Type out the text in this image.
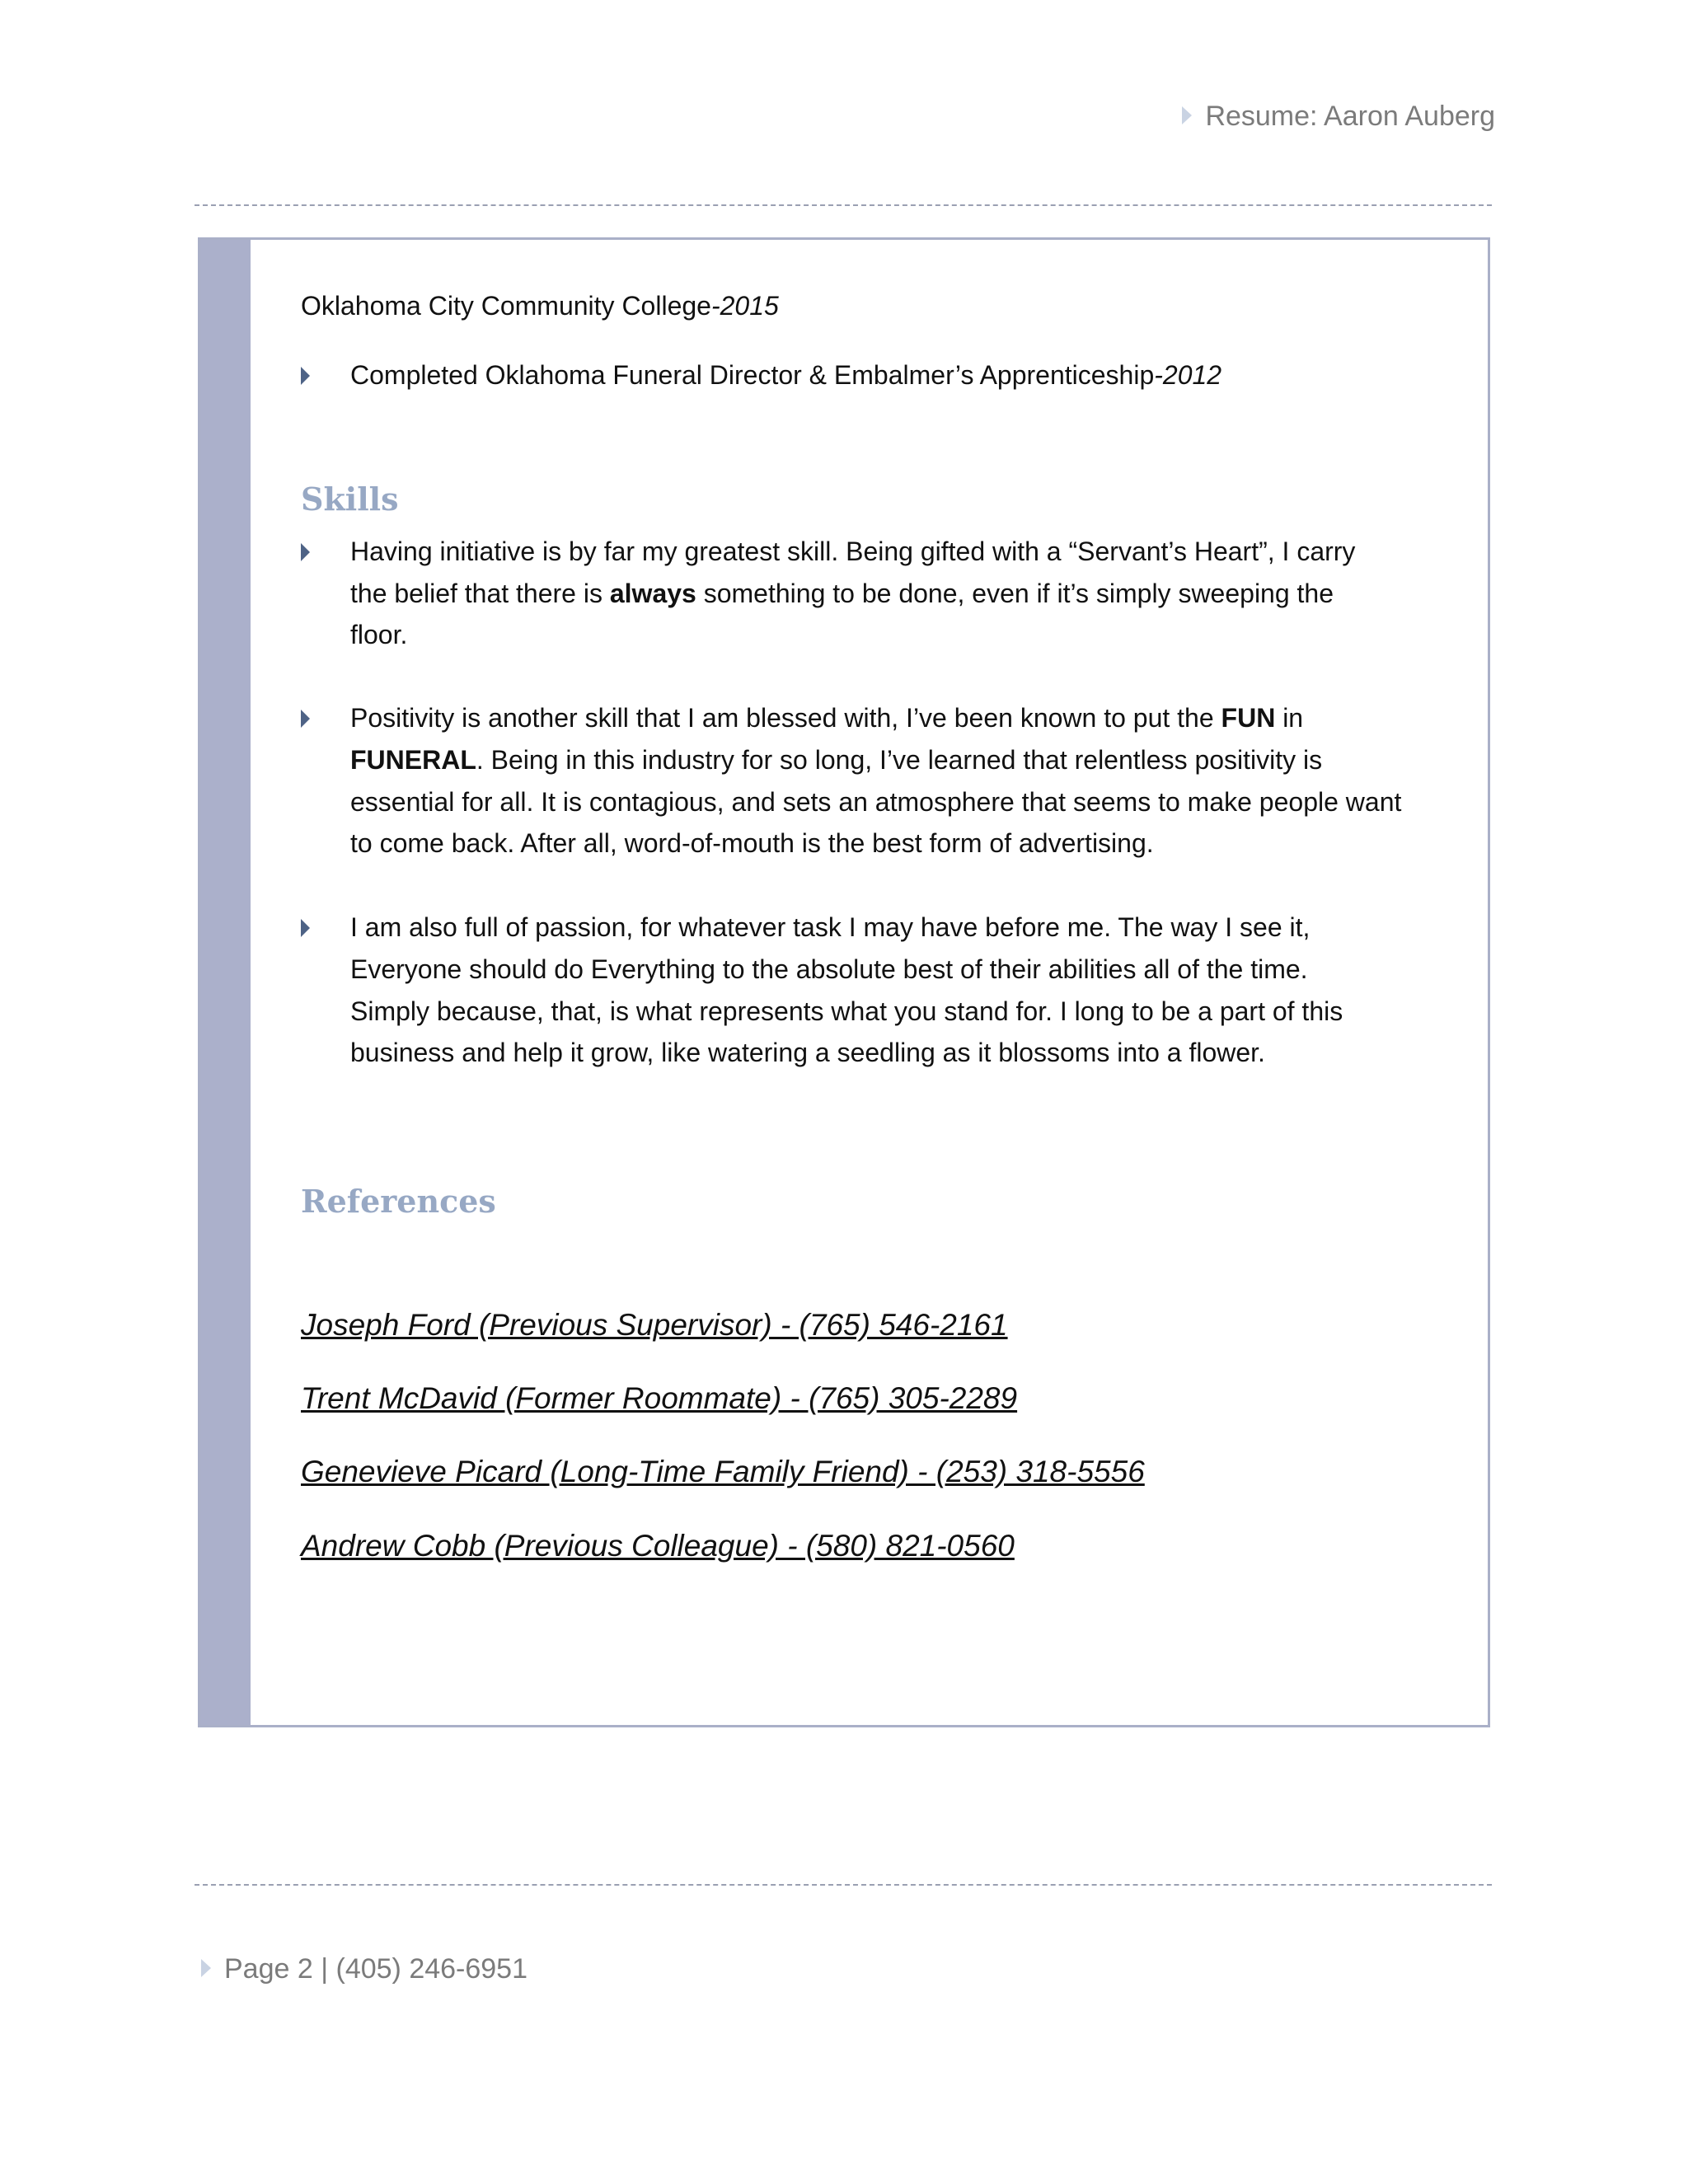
Resume: Aaron Auberg
Oklahoma City Community College-2015
Completed Oklahoma Funeral Director & Embalmer’s Apprenticeship-2012
Skills
Having initiative is by far my greatest skill. Being gifted with a “Servant’s Heart”, I carry
the belief that there is always something to be done, even if it’s simply sweeping the
floor.
Positivity is another skill that I am blessed with, I’ve been known to put the FUN in
FUNERAL. Being in this industry for so long, I’ve learned that relentless positivity is
essential for all. It is contagious, and sets an atmosphere that seems to make people want
to come back. After all, word-of-mouth is the best form of advertising.
I am also full of passion, for whatever task I may have before me. The way I see it,
Everyone should do Everything to the absolute best of their abilities all of the time.
Simply because, that, is what represents what you stand for. I long to be a part of this
business and help it grow, like watering a seedling as it blossoms into a flower.
References
Joseph Ford (Previous Supervisor) - (765) 546-2161
Trent McDavid (Former Roommate) - (765) 305-2289
Genevieve Picard (Long-Time Family Friend) - (253) 318-5556
Andrew Cobb (Previous Colleague) - (580) 821-0560
Page 2 | (405) 246-6951
